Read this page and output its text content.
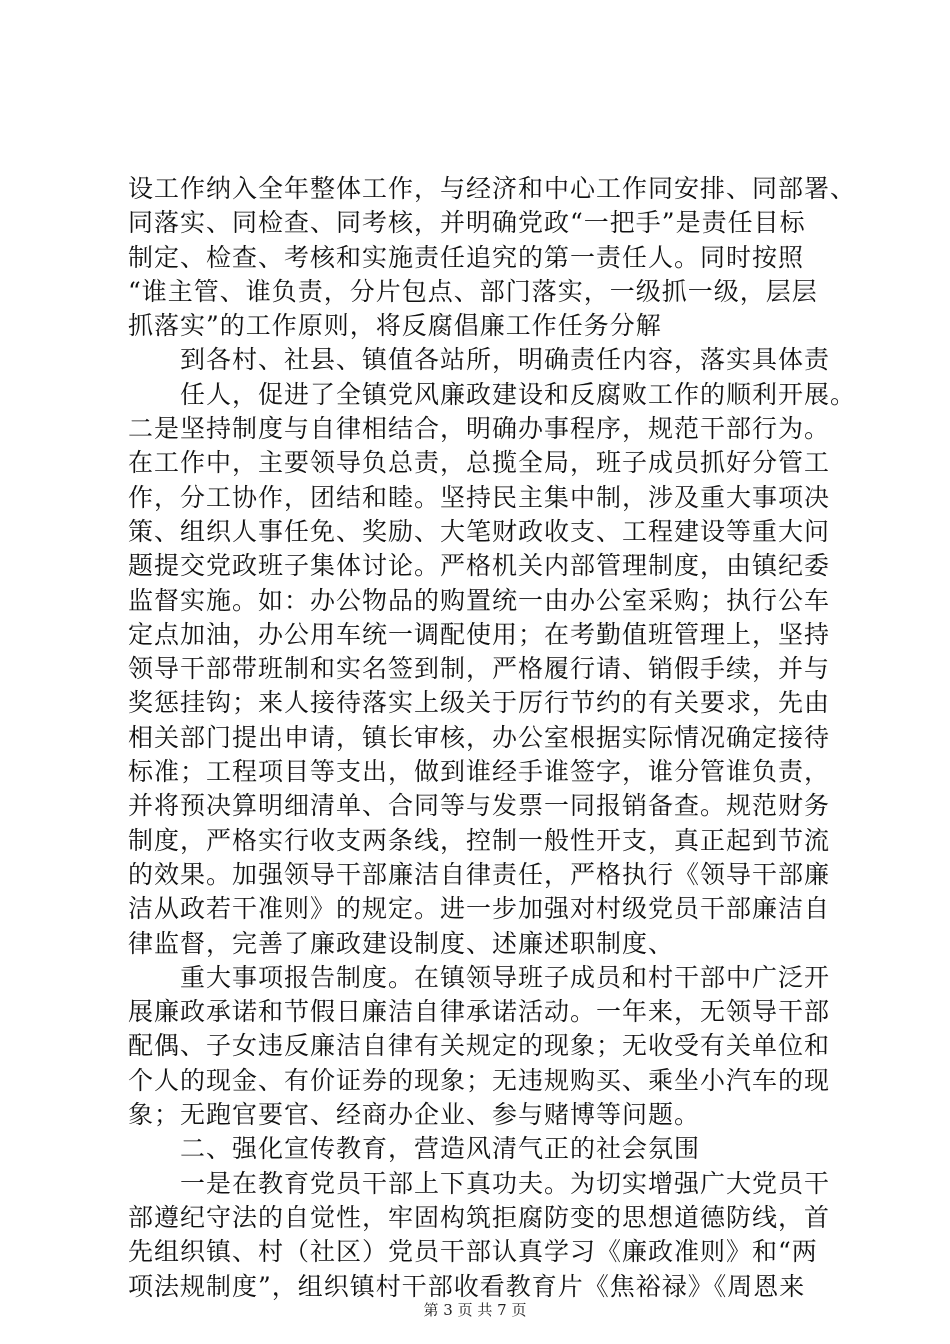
设工作纳入全年整体工作，与经济和中心工作同安排、同部署、
同落实、同检查、同考核，并明确党政“一把手”是责任目标
制定、检查、考核和实施责任追究的第一责任人。同时按照
“谁主管、谁负责，分片包点、部门落实，一级抓一级，层层
抓落实”的工作原则，将反腐倡廉工作任务分解
　　到各村、社县、镇值各站所，明确责任内容，落实具体责
　　任人，促进了全镇党风廉政建设和反腐败工作的顺利开展。
二是坚持制度与自律相结合，明确办事程序，规范干部行为。
在工作中，主要领导负总责，总揽全局，班子成员抓好分管工
作，分工协作，团结和睦。坚持民主集中制，涉及重大事项决
策、组织人事任免、奖励、大笔财政收支、工程建设等重大问
题提交党政班子集体讨论。严格机关内部管理制度，由镇纪委
监督实施。如：办公物品的购置统一由办公室采购；执行公车
定点加油，办公用车统一调配使用；在考勤值班管理上，坚持
领导干部带班制和实名签到制，严格履行请、销假手续，并与
奖惩挂钩；来人接待落实上级关于厉行节约的有关要求，先由
相关部门提出申请，镇长审核，办公室根据实际情况确定接待
标准；工程项目等支出，做到谁经手谁签字，谁分管谁负责，
并将预决算明细清单、合同等与发票一同报销备查。规范财务
制度，严格实行收支两条线，控制一般性开支，真正起到节流
的效果。加强领导干部廉洁自律责任，严格执行《领导干部廉
洁从政若干准则》的规定。进一步加强对村级党员干部廉洁自
律监督，完善了廉政建设制度、述廉述职制度、
　　重大事项报告制度。在镇领导班子成员和村干部中广泛开
展廉政承诺和节假日廉洁自律承诺活动。一年来，无领导干部
配偶、子女违反廉洁自律有关规定的现象；无收受有关单位和
个人的现金、有价证券的现象；无违规购买、乘坐小汽车的现
象；无跑官要官、经商办企业、参与赌博等问题。
　　二、强化宣传教育，营造风清气正的社会氛围
　　一是在教育党员干部上下真功夫。为切实增强广大党员干
部遵纪守法的自觉性，牢固构筑拒腐防变的思想道德防线，首
先组织镇、村（社区）党员干部认真学习《廉政准则》和“两
项法规制度”，组织镇村干部收看教育片《焦裕禄》《周恩来
第 3 页 共 7 页
